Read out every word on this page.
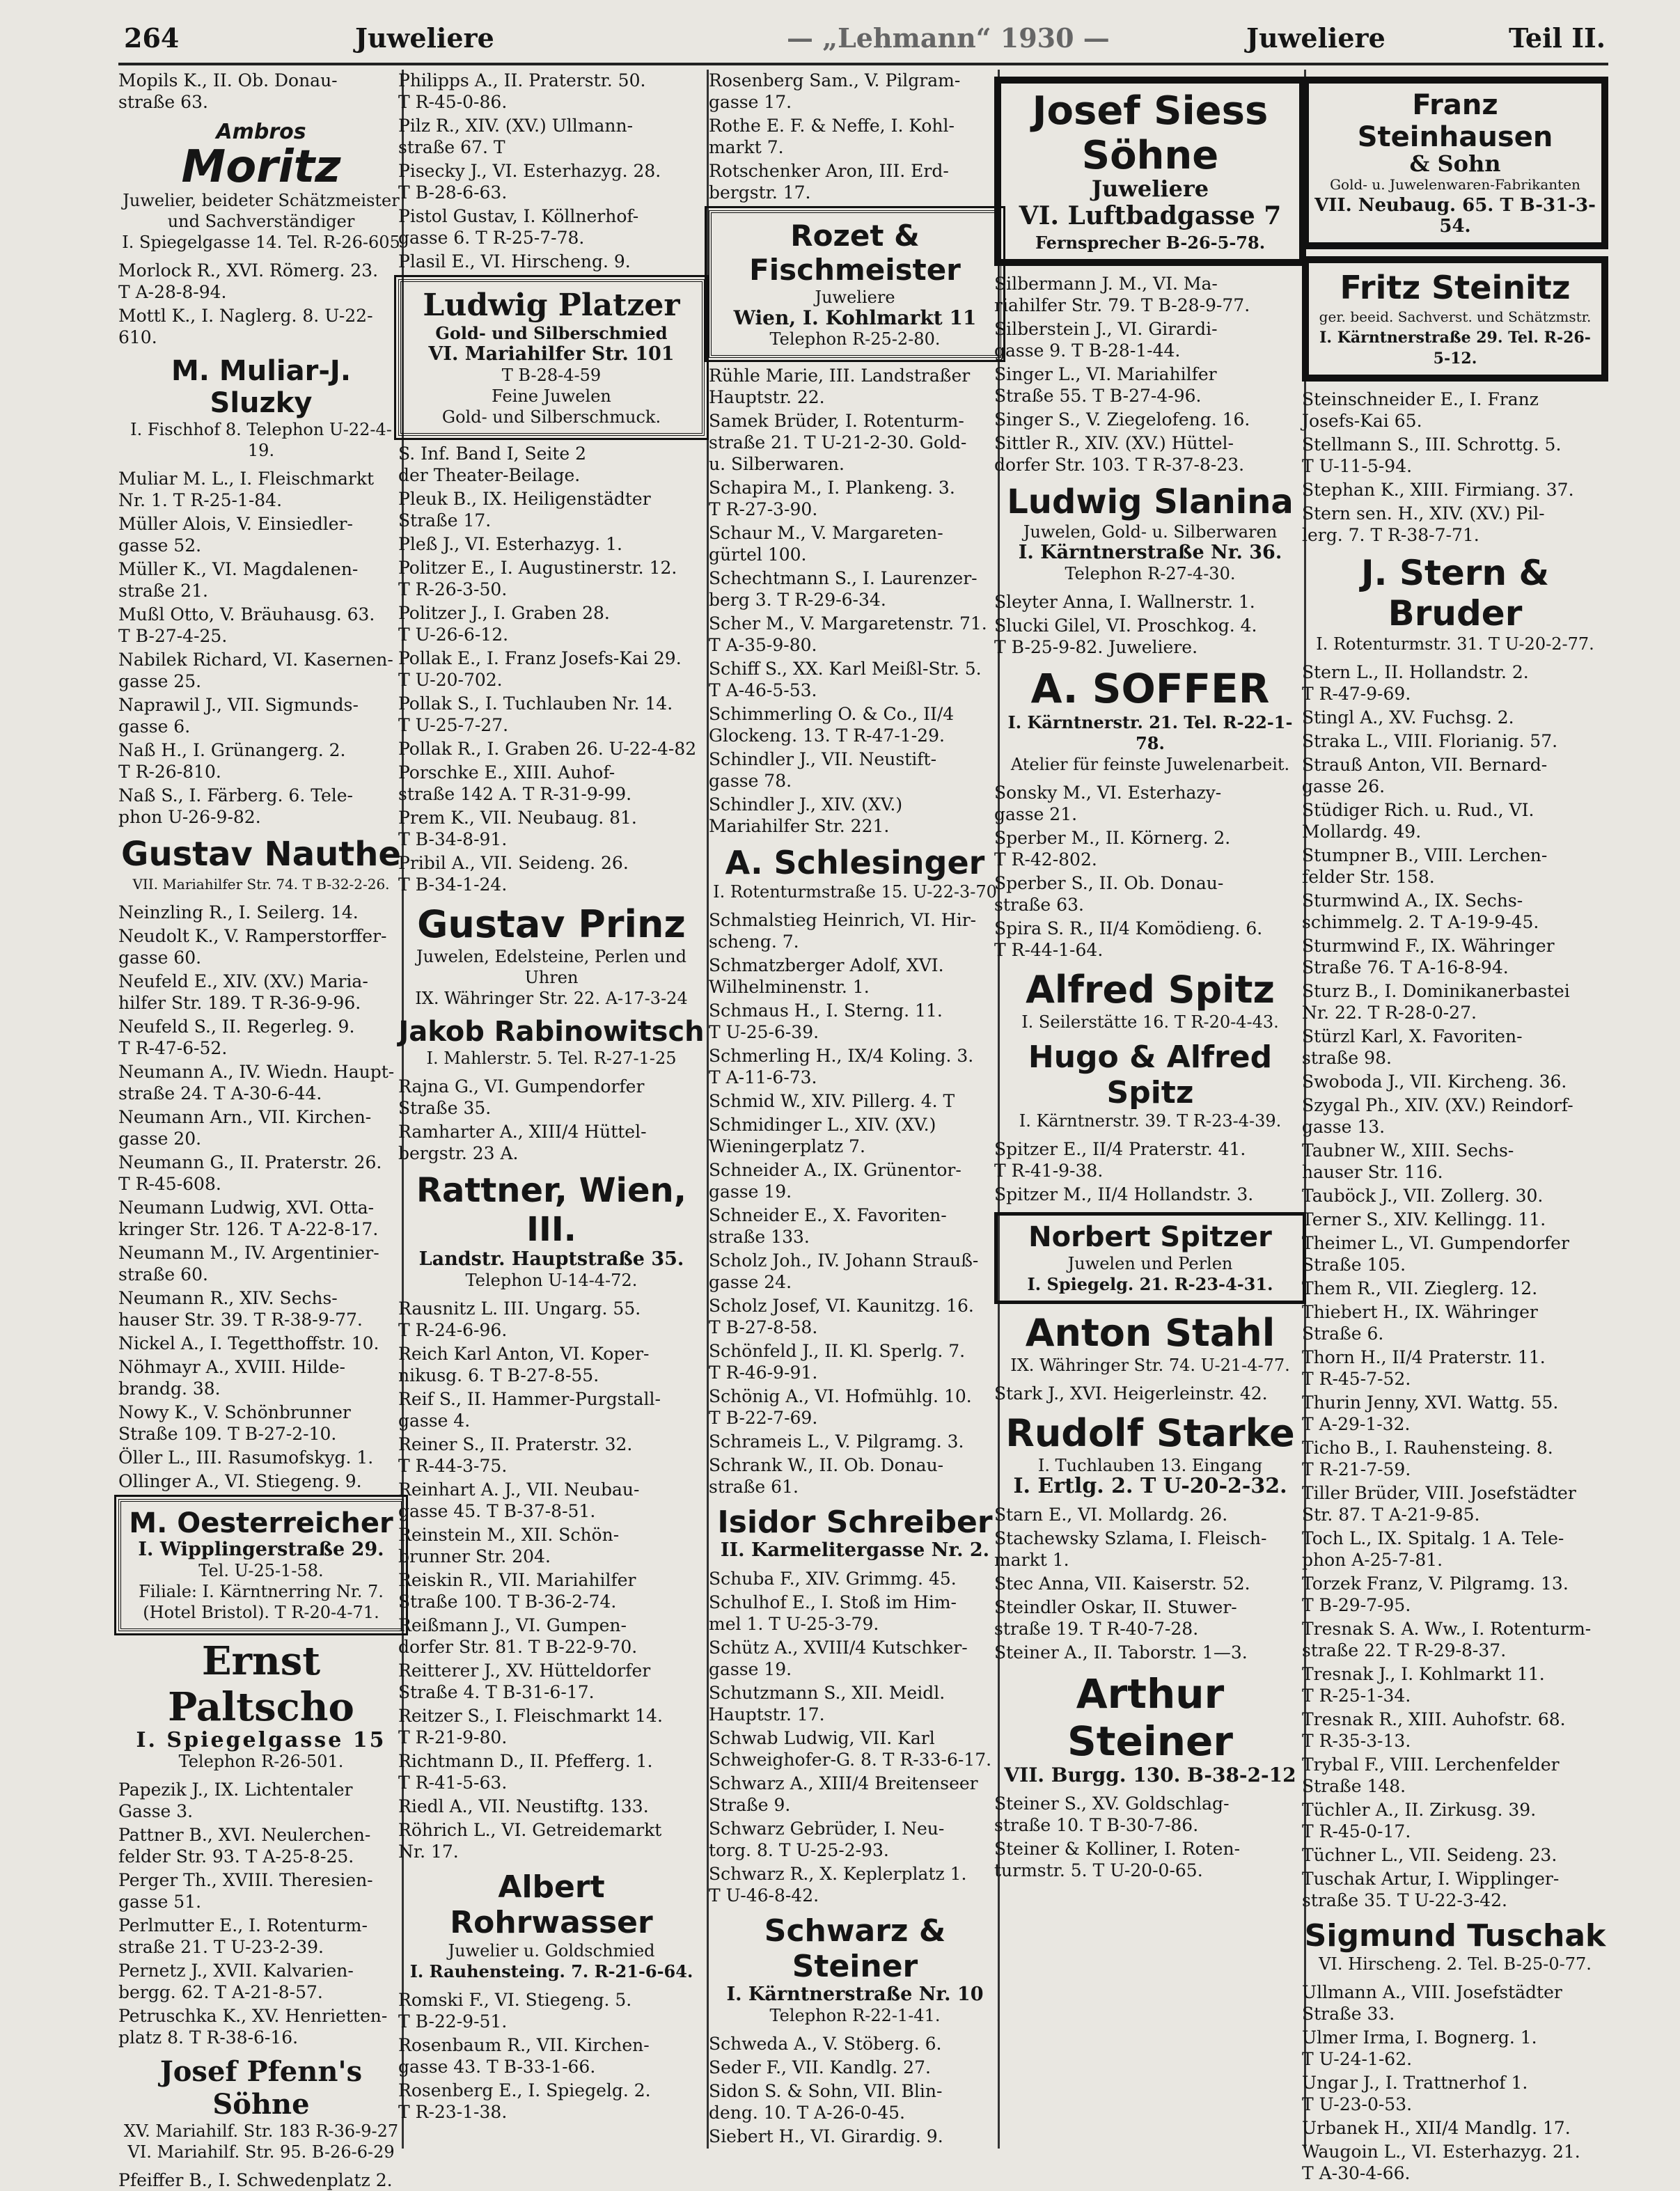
264	Juweliere	— „Lehmann“ 1930 —	Juweliere	Teil II.
Mopils K., II. Ob. Donau-
straße 63.
Ambros
Moritz
Juwelier, beideter Schätzmeister
und Sachverständiger
I. Spiegelgasse 14. Tel. R-26-605
Morlock R., XVI. Römerg. 23.
T A-28-8-94.
Mottl K., I. Naglerg. 8. U-22-610.
M. Muliar-J. Sluzky
I. Fischhof 8. Telephon U-22-4-19.
Muliar M. L., I. Fleischmarkt
Nr. 1. T R-25-1-84.
Müller Alois, V. Einsiedler-
gasse 52.
Müller K., VI. Magdalenen-
straße 21.
Mußl Otto, V. Bräuhausg. 63.
T B-27-4-25.
Nabilek Richard, VI. Kasernen-
gasse 25.
Naprawil J., VII. Sigmunds-
gasse 6.
Naß H., I. Grünangerg. 2.
T R-26-810.
Naß S., I. Färberg. 6. Tele-
phon U-26-9-82.
Gustav Nauthe
VII. Mariahilfer Str. 74. T B-32-2-26.
Neinzling R., I. Seilerg. 14.
Neudolt K., V. Ramperstorffer-
gasse 60.
Neufeld E., XIV. (XV.) Maria-
hilfer Str. 189. T R-36-9-96.
Neufeld S., II. Regerleg. 9.
T R-47-6-52.
Neumann A., IV. Wiedn. Haupt-
straße 24. T A-30-6-44.
Neumann Arn., VII. Kirchen-
gasse 20.
Neumann G., II. Praterstr. 26.
T R-45-608.
Neumann Ludwig, XVI. Otta-
kringer Str. 126. T A-22-8-17.
Neumann M., IV. Argentinier-
straße 60.
Neumann R., XIV. Sechs-
hauser Str. 39. T R-38-9-77.
Nickel A., I. Tegetthoffstr. 10.
Nöhmayr A., XVIII. Hilde-
brandg. 38.
Nowy K., V. Schönbrunner
Straße 109. T B-27-2-10.
Öller L., III. Rasumofskyg. 1.
Ollinger A., VI. Stiegeng. 9.
M. Oesterreicher
I. Wipplingerstraße 29.
Tel. U-25-1-58.
Filiale: I. Kärntnerring Nr. 7.
(Hotel Bristol). T R-20-4-71.
Ernst Paltscho
I. Spiegelgasse 15
Telephon R-26-501.
Papezik J., IX. Lichtentaler
Gasse 3.
Pattner B., XVI. Neulerchen-
felder Str. 93. T A-25-8-25.
Perger Th., XVIII. Theresien-
gasse 51.
Perlmutter E., I. Rotenturm-
straße 21. T U-23-2-39.
Pernetz J., XVII. Kalvarien-
bergg. 62. T A-21-8-57.
Petruschka K., XV. Henrietten-
platz 8. T R-38-6-16.
Josef Pfenn's Söhne
XV. Mariahilf. Str. 183 R-36-9-27
VI. Mariahilf. Str. 95. B-26-6-29
Pfeiffer B., I. Schwedenplatz 2.
Philipps A., II. Praterstr. 50.
T R-45-0-86.
Pilz R., XIV. (XV.) Ullmann-
straße 67. T
Pisecky J., VI. Esterhazyg. 28.
T B-28-6-63.
Pistol Gustav, I. Köllnerhof-
gasse 6. T R-25-7-78.
Plasil E., VI. Hirscheng. 9.
Ludwig Platzer
Gold- und Silberschmied
VI. Mariahilfer Str. 101
T B-28-4-59
Feine Juwelen
Gold- und Silberschmuck.
S. Inf. Band I, Seite 2
der Theater-Beilage.
Pleuk B., IX. Heiligenstädter
Straße 17.
Pleß J., VI. Esterhazyg. 1.
Politzer E., I. Augustinerstr. 12.
T R-26-3-50.
Politzer J., I. Graben 28.
T U-26-6-12.
Pollak E., I. Franz Josefs-Kai 29.
T U-20-702.
Pollak S., I. Tuchlauben Nr. 14.
T U-25-7-27.
Pollak R., I. Graben 26. U-22-4-82
Porschke E., XIII. Auhof-
straße 142 A. T R-31-9-99.
Prem K., VII. Neubaug. 81.
T B-34-8-91.
Pribil A., VII. Seideng. 26.
T B-34-1-24.
Gustav Prinz
Juwelen, Edelsteine, Perlen und
Uhren
IX. Währinger Str. 22. A-17-3-24
Jakob Rabinowitsch
I. Mahlerstr. 5. Tel. R-27-1-25
Rajna G., VI. Gumpendorfer
Straße 35.
Ramharter A., XIII/4 Hüttel-
bergstr. 23 A.
Rattner, Wien, III.
Landstr. Hauptstraße 35.
Telephon U-14-4-72.
Rausnitz L. III. Ungarg. 55.
T R-24-6-96.
Reich Karl Anton, VI. Koper-
nikusg. 6. T B-27-8-55.
Reif S., II. Hammer-Purgstall-
gasse 4.
Reiner S., II. Praterstr. 32.
T R-44-3-75.
Reinhart A. J., VII. Neubau-
gasse 45. T B-37-8-51.
Reinstein M., XII. Schön-
brunner Str. 204.
Reiskin R., VII. Mariahilfer
Straße 100. T B-36-2-74.
Reißmann J., VI. Gumpen-
dorfer Str. 81. T B-22-9-70.
Reitterer J., XV. Hütteldorfer
Straße 4. T B-31-6-17.
Reitzer S., I. Fleischmarkt 14.
T R-21-9-80.
Richtmann D., II. Pfefferg. 1.
T R-41-5-63.
Riedl A., VII. Neustiftg. 133.
Röhrich L., VI. Getreidemarkt
Nr. 17.
Albert Rohrwasser
Juwelier u. Goldschmied
I. Rauhensteing. 7. R-21-6-64.
Romski F., VI. Stiegeng. 5.
T B-22-9-51.
Rosenbaum R., VII. Kirchen-
gasse 43. T B-33-1-66.
Rosenberg E., I. Spiegelg. 2.
T R-23-1-38.
Rosenberg Sam., V. Pilgram-
gasse 17.
Rothe E. F. & Neffe, I. Kohl-
markt 7.
Rotschenker Aron, III. Erd-
bergstr. 17.
Rozet & Fischmeister
Juweliere
Wien, I. Kohlmarkt 11
Telephon R-25-2-80.
Rühle Marie, III. Landstraßer
Hauptstr. 22.
Samek Brüder, I. Rotenturm-
straße 21. T U-21-2-30. Gold-
u. Silberwaren.
Schapira M., I. Plankeng. 3.
T R-27-3-90.
Schaur M., V. Margareten-
gürtel 100.
Schechtmann S., I. Laurenzer-
berg 3. T R-29-6-34.
Scher M., V. Margaretenstr. 71.
T A-35-9-80.
Schiff S., XX. Karl Meißl-Str. 5.
T A-46-5-53.
Schimmerling O. & Co., II/4
Glockeng. 13. T R-47-1-29.
Schindler J., VII. Neustift-
gasse 78.
Schindler J., XIV. (XV.)
Mariahilfer Str. 221.
A. Schlesinger
I. Rotenturmstraße 15. U-22-3-70
Schmalstieg Heinrich, VI. Hir-
scheng. 7.
Schmatzberger Adolf, XVI.
Wilhelminenstr. 1.
Schmaus H., I. Sterng. 11.
T U-25-6-39.
Schmerling H., IX/4 Koling. 3.
T A-11-6-73.
Schmid W., XIV. Pillerg. 4. T
Schmidinger L., XIV. (XV.)
Wieningerplatz 7.
Schneider A., IX. Grünentor-
gasse 19.
Schneider E., X. Favoriten-
straße 133.
Scholz Joh., IV. Johann Strauß-
gasse 24.
Scholz Josef, VI. Kaunitzg. 16.
T B-27-8-58.
Schönfeld J., II. Kl. Sperlg. 7.
T R-46-9-91.
Schönig A., VI. Hofmühlg. 10.
T B-22-7-69.
Schrameis L., V. Pilgramg. 3.
Schrank W., II. Ob. Donau-
straße 61.
Isidor Schreiber
II. Karmelitergasse Nr. 2.
Schuba F., XIV. Grimmg. 45.
Schulhof E., I. Stoß im Him-
mel 1. T U-25-3-79.
Schütz A., XVIII/4 Kutschker-
gasse 19.
Schutzmann S., XII. Meidl.
Hauptstr. 17.
Schwab Ludwig, VII. Karl
Schweighofer-G. 8. T R-33-6-17.
Schwarz A., XIII/4 Breitenseer
Straße 9.
Schwarz Gebrüder, I. Neu-
torg. 8. T U-25-2-93.
Schwarz R., X. Keplerplatz 1.
T U-46-8-42.
Schwarz & Steiner
I. Kärntnerstraße Nr. 10
Telephon R-22-1-41.
Schweda A., V. Stöberg. 6.
Seder F., VII. Kandlg. 27.
Sidon S. & Sohn, VII. Blin-
deng. 10. T A-26-0-45.
Siebert H., VI. Girardig. 9.
Josef Siess
Söhne
Juweliere
VI. Luftbadgasse 7
Fernsprecher B-26-5-78.
Silbermann J. M., VI. Ma-
riahilfer Str. 79. T B-28-9-77.
Silberstein J., VI. Girardi-
gasse 9. T B-28-1-44.
Singer L., VI. Mariahilfer
Straße 55. T B-27-4-96.
Singer S., V. Ziegelofeng. 16.
Sittler R., XIV. (XV.) Hüttel-
dorfer Str. 103. T R-37-8-23.
Ludwig Slanina
Juwelen, Gold- u. Silberwaren
I. Kärntnerstraße Nr. 36.
Telephon R-27-4-30.
Sleyter Anna, I. Wallnerstr. 1.
Slucki Gilel, VI. Proschkog. 4.
T B-25-9-82. Juweliere.
A. SOFFER
I. Kärntnerstr. 21. Tel. R-22-1-78.
Atelier für feinste Juwelenarbeit.
Sonsky M., VI. Esterhazy-
gasse 21.
Sperber M., II. Körnerg. 2.
T R-42-802.
Sperber S., II. Ob. Donau-
straße 63.
Spira S. R., II/4 Komödieng. 6.
T R-44-1-64.
Alfred Spitz
I. Seilerstätte 16. T R-20-4-43.
Hugo & Alfred Spitz
I. Kärntnerstr. 39. T R-23-4-39.
Spitzer E., II/4 Praterstr. 41.
T R-41-9-38.
Spitzer M., II/4 Hollandstr. 3.
Norbert Spitzer
Juwelen und Perlen
I. Spiegelg. 21. R-23-4-31.
Anton Stahl
IX. Währinger Str. 74. U-21-4-77.
Stark J., XVI. Heigerleinstr. 42.
Rudolf Starke
I. Tuchlauben 13. Eingang
I. Ertlg. 2. T U-20-2-32.
Starn E., VI. Mollardg. 26.
Stachewsky Szlama, I. Fleisch-
markt 1.
Stec Anna, VII. Kaiserstr. 52.
Steindler Oskar, II. Stuwer-
straße 19. T R-40-7-28.
Steiner A., II. Taborstr. 1—3.
Arthur Steiner
VII. Burgg. 130. B-38-2-12
Steiner S., XV. Goldschlag-
straße 10. T B-30-7-86.
Steiner & Kolliner, I. Roten-
turmstr. 5. T U-20-0-65.
Franz Steinhausen
& Sohn
Gold- u. Juwelenwaren-Fabrikanten
VII. Neubaug. 65. T B-31-3-54.
Fritz Steinitz
ger. beeid. Sachverst. und Schätzmstr.
I. Kärntnerstraße 29. Tel. R-26-5-12.
Steinschneider E., I. Franz
Josefs-Kai 65.
Stellmann S., III. Schrottg. 5.
T U-11-5-94.
Stephan K., XIII. Firmiang. 37.
Stern sen. H., XIV. (XV.) Pil-
lerg. 7. T R-38-7-71.
J. Stern & Bruder
I. Rotenturmstr. 31. T U-20-2-77.
Stern L., II. Hollandstr. 2.
T R-47-9-69.
Stingl A., XV. Fuchsg. 2.
Straka L., VIII. Florianig. 57.
Strauß Anton, VII. Bernard-
gasse 26.
Stüdiger Rich. u. Rud., VI.
Mollardg. 49.
Stumpner B., VIII. Lerchen-
felder Str. 158.
Sturmwind A., IX. Sechs-
schimmelg. 2. T A-19-9-45.
Sturmwind F., IX. Währinger
Straße 76. T A-16-8-94.
Sturz B., I. Dominikanerbastei
Nr. 22. T R-28-0-27.
Stürzl Karl, X. Favoriten-
straße 98.
Swoboda J., VII. Kircheng. 36.
Szygal Ph., XIV. (XV.) Reindorf-
gasse 13.
Taubner W., XIII. Sechs-
hauser Str. 116.
Tauböck J., VII. Zollerg. 30.
Terner S., XIV. Kellingg. 11.
Theimer L., VI. Gumpendorfer
Straße 105.
Them R., VII. Zieglerg. 12.
Thiebert H., IX. Währinger
Straße 6.
Thorn H., II/4 Praterstr. 11.
T R-45-7-52.
Thurin Jenny, XVI. Wattg. 55.
T A-29-1-32.
Ticho B., I. Rauhensteing. 8.
T R-21-7-59.
Tiller Brüder, VIII. Josefstädter
Str. 87. T A-21-9-85.
Toch L., IX. Spitalg. 1 A. Tele-
phon A-25-7-81.
Torzek Franz, V. Pilgramg. 13.
T B-29-7-95.
Tresnak S. A. Ww., I. Rotenturm-
straße 22. T R-29-8-37.
Tresnak J., I. Kohlmarkt 11.
T R-25-1-34.
Tresnak R., XIII. Auhofstr. 68.
T R-35-3-13.
Trybal F., VIII. Lerchenfelder
Straße 148.
Tüchler A., II. Zirkusg. 39.
T R-45-0-17.
Tüchner L., VII. Seideng. 23.
Tuschak Artur, I. Wipplinger-
straße 35. T U-22-3-42.
Sigmund Tuschak
VI. Hirscheng. 2. Tel. B-25-0-77.
Ullmann A., VIII. Josefstädter
Straße 33.
Ulmer Irma, I. Bognerg. 1.
T U-24-1-62.
Ungar J., I. Trattnerhof 1.
T U-23-0-53.
Urbanek H., XII/4 Mandlg. 17.
Waugoin L., VI. Esterhazyg. 21.
T A-30-4-66.
